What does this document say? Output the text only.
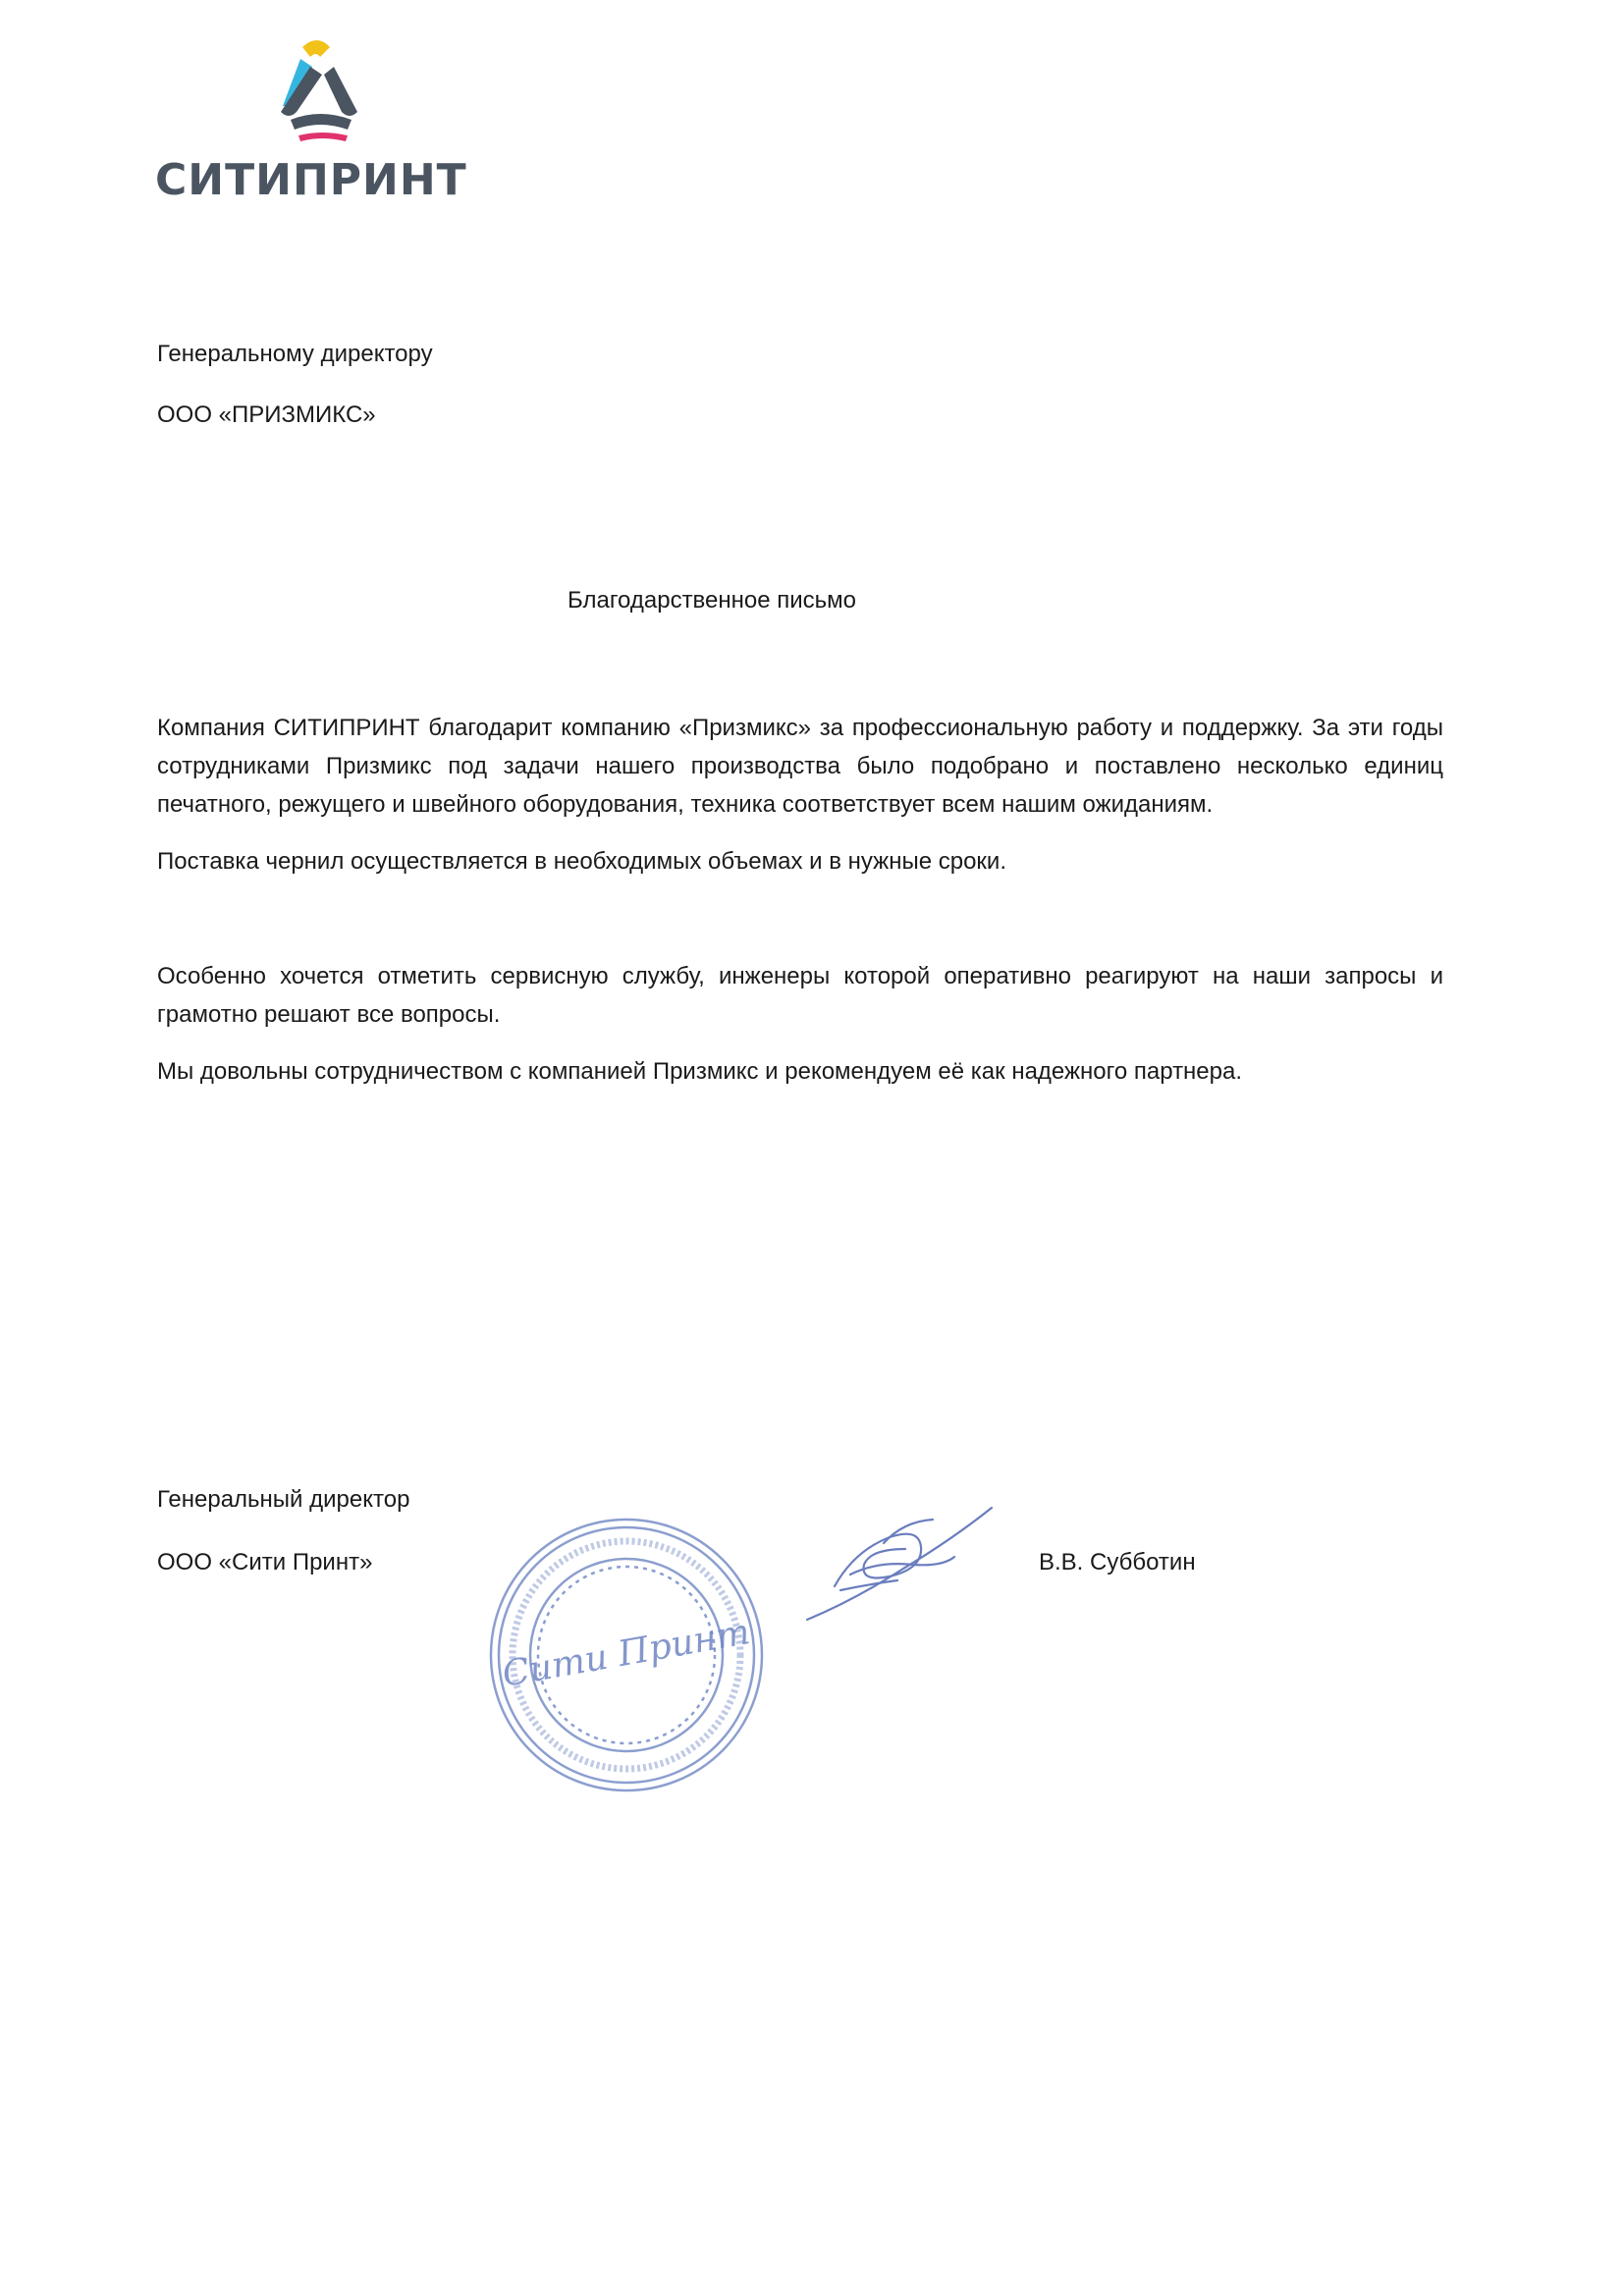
СИТИПРИНТ
Генеральному директору
ООО «ПРИЗМИКС»
Благодарственное письмо

Компания СИТИПРИНТ благодарит компанию «Призмикс» за профессиональную работу и поддержку. За эти годы сотрудниками Призмикс под задачи нашего производства было подобрано и поставлено несколько единиц печатного, режущего и швейного оборудования, техника соответствует всем нашим ожиданиям.

Поставка чернил осуществляется в необходимых объемах и в нужные сроки.

Особенно хочется отметить сервисную службу, инженеры которой оперативно реагируют на наши запросы и грамотно решают все вопросы.

Мы довольны сотрудничеством с компанией Призмикс и рекомендуем её как надежного партнера.

Сити Принт
Генеральный директор
ООО «Сити Принт»	В.В. Субботин
